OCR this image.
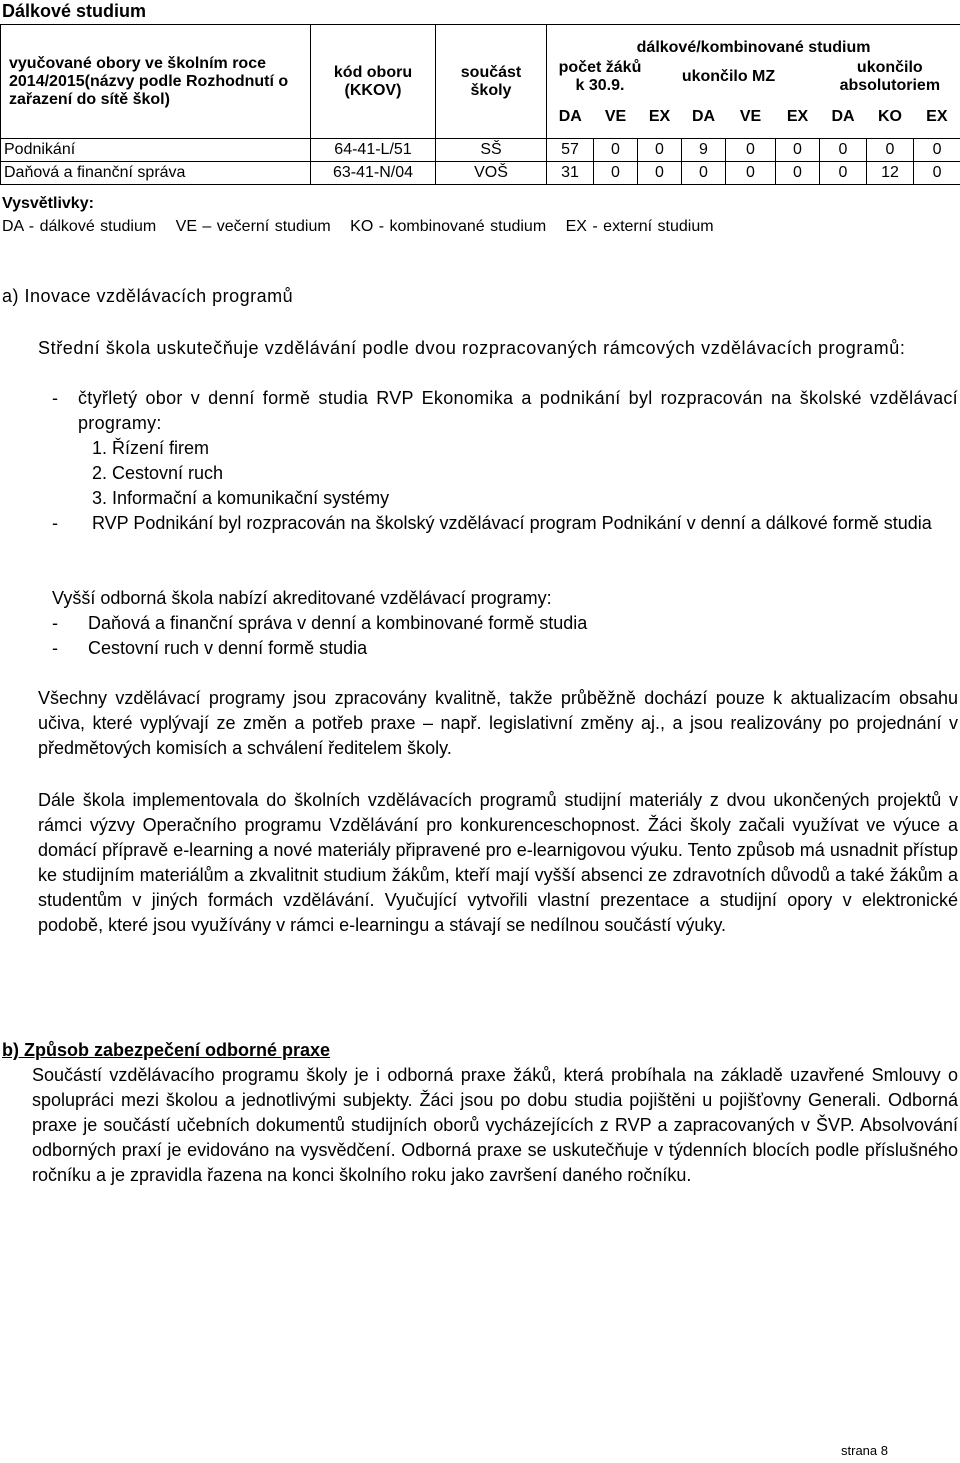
Dálkové studium
vyučované obory ve školním roce 2014/2015(názvy podle Rozhodnutí o zařazení do sítě škol)	kód oboru (KKOV)	součást školy	dálkové/kombinované studium								

			počet žáků k 30.9.		ukončilo MZ				ukončilo absolutoriem		

			DA	VE	EX	DA	VE	EX	DA	KO	EX
Podnikání	64-41-L/51	SŠ	57	0	0	9	0	0	0	0	0
Daňová a finanční správa	63-41-N/04	VOŠ	31	0	0	0	0	0	0	12	0
Vysvětlivky:
DA - dálkové studium VE – večerní studium KO - kombinované studium EX - externí studium
a) Inovace vzdělávacích programů
Střední škola uskutečňuje vzdělávání podle dvou rozpracovaných rámcových vzdělávacích programů:
- čtyřletý obor v denní formě studia RVP Ekonomika a podnikání byl rozpracován na školské vzdělávací programy:
1. Řízení firem
2. Cestovní ruch
3. Informační a komunikační systémy
- RVP Podnikání byl rozpracován na školský vzdělávací program Podnikání v denní a dálkové formě studia
Vyšší odborná škola nabízí akreditované vzdělávací programy:
- Daňová a finanční správa v denní a kombinované formě studia
- Cestovní ruch v denní formě studia
Všechny vzdělávací programy jsou zpracovány kvalitně, takže průběžně dochází pouze k aktualizacím obsahu učiva, které vyplývají ze změn a potřeb praxe – např. legislativní změny aj., a jsou realizovány po projednání v předmětových komisích a schválení ředitelem školy.
Dále škola implementovala do školních vzdělávacích programů studijní materiály z dvou ukončených projektů v rámci výzvy Operačního programu Vzdělávání pro konkurenceschopnost. Žáci školy začali využívat ve výuce a domácí přípravě e-learning a nové materiály připravené pro e-learnigovou výuku. Tento způsob má usnadnit přístup ke studijním materiálům a zkvalitnit studium žákům, kteří mají vyšší absenci ze zdravotních důvodů a také žákům a studentům v jiných formách vzdělávání. Vyučující vytvořili vlastní prezentace a studijní opory v elektronické podobě, které jsou využívány v rámci e-learningu a stávají se nedílnou součástí výuky.
b) Způsob zabezpečení odborné praxe
Součástí vzdělávacího programu školy je i odborná praxe žáků, která probíhala na základě uzavřené Smlouvy o spolupráci mezi školou a jednotlivými subjekty. Žáci jsou po dobu studia pojištěni u pojišťovny Generali. Odborná praxe je součástí učebních dokumentů studijních oborů vycházejících z RVP a zapracovaných v ŠVP. Absolvování odborných praxí je evidováno na vysvědčení. Odborná praxe se uskutečňuje v týdenních blocích podle příslušného ročníku a je zpravidla řazena na konci školního roku jako završení daného ročníku.
strana 8
